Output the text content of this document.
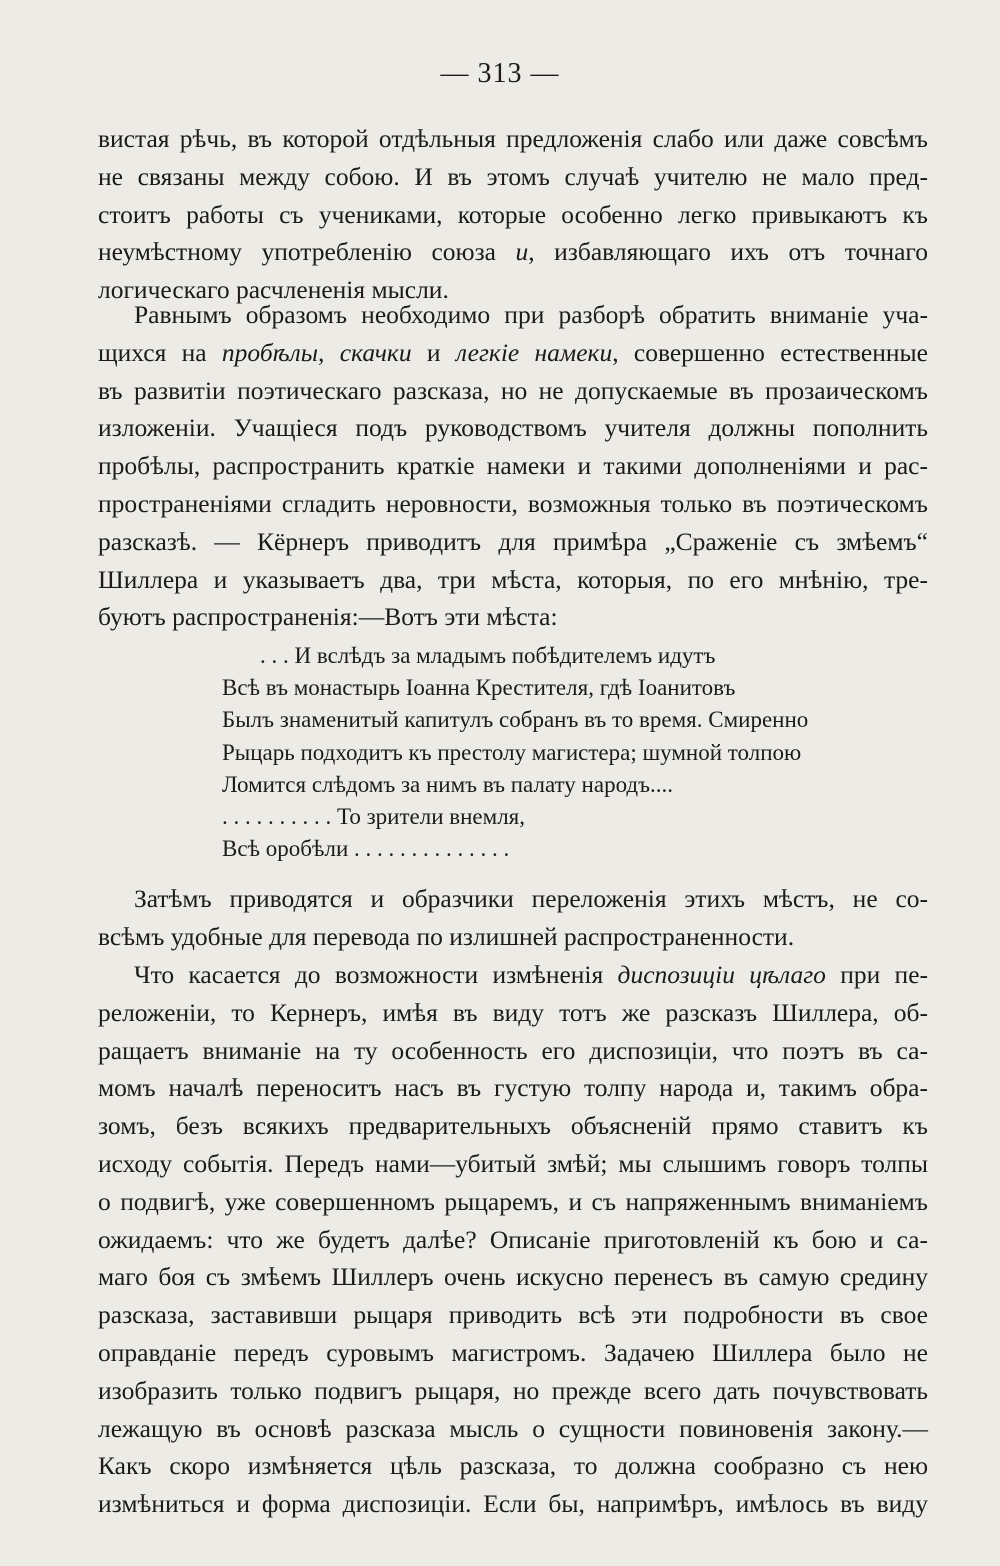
— 313 —
вистая рѣчь, въ которой отдѣльныя предложенія слабо или даже совсѣмъ
не связаны между собою. И въ этомъ случаѣ учителю не мало пред-
стоитъ работы съ учениками, которые особенно легко привыкаютъ къ
неумѣстному употребленію союза и, избавляющаго ихъ отъ точнаго
логическаго расчлененія мысли.
Равнымъ образомъ необходимо при разборѣ обратить вниманіе уча-
щихся на пробѣлы, скачки и легкіе намеки, совершенно естественные
въ развитіи поэтическаго разсказа, но не допускаемые въ прозаическомъ
изложеніи. Учащіеся подъ руководствомъ учителя должны пополнить
пробѣлы, распространить краткіе намеки и такими дополненіями и рас-
пространеніями сгладить неровности, возможныя только въ поэтическомъ
разсказѣ. — Кёрнеръ приводитъ для примѣра „Сраженіе съ змѣемъ“
Шиллера и указываетъ два, три мѣста, которыя, по его мнѣнію, тре-
буютъ распространенія:—Вотъ эти мѣста:
. . . И вслѣдъ за младымъ побѣдителемъ идутъ
Всѣ въ монастырь Іоанна Крестителя, гдѣ Іоанитовъ
Былъ знаменитый капитулъ собранъ въ то время. Смиренно
Рыцарь подходитъ къ престолу магистера; шумной толпою
Ломится слѣдомъ за нимъ въ палату народъ....
. . . . . . . . . . То зрители внемля,
Всѣ оробѣли . . . . . . . . . . . . . .
Затѣмъ приводятся и образчики переложенія этихъ мѣстъ, не со-
всѣмъ удобные для перевода по излишней распространенности.
Что касается до возможности измѣненія диспозиціи цѣлаго при пе-
реложеніи, то Кернеръ, имѣя въ виду тотъ же разсказъ Шиллера, об-
ращаетъ вниманіе на ту особенность его диспозиціи, что поэтъ въ са-
момъ началѣ переноситъ насъ въ густую толпу народа и, такимъ обра-
зомъ, безъ всякихъ предварительныхъ объясненій прямо ставитъ къ
исходу событія. Передъ нами—убитый змѣй; мы слышимъ говоръ толпы
о подвигѣ, уже совершенномъ рыцаремъ, и съ напряженнымъ вниманіемъ
ожидаемъ: что же будетъ далѣе? Описаніе приготовленій къ бою и са-
маго боя съ змѣемъ Шиллеръ очень искусно перенесъ въ самую средину
разсказа, заставивши рыцаря приводить всѣ эти подробности въ свое
оправданіе передъ суровымъ магистромъ. Задачею Шиллера было не
изобразить только подвигъ рыцаря, но прежде всего дать почувствовать
лежащую въ основѣ разсказа мысль о сущности повиновенія закону.—
Какъ скоро измѣняется цѣль разсказа, то должна сообразно съ нею
измѣниться и форма диспозиціи. Если бы, напримѣръ, имѣлось въ виду
